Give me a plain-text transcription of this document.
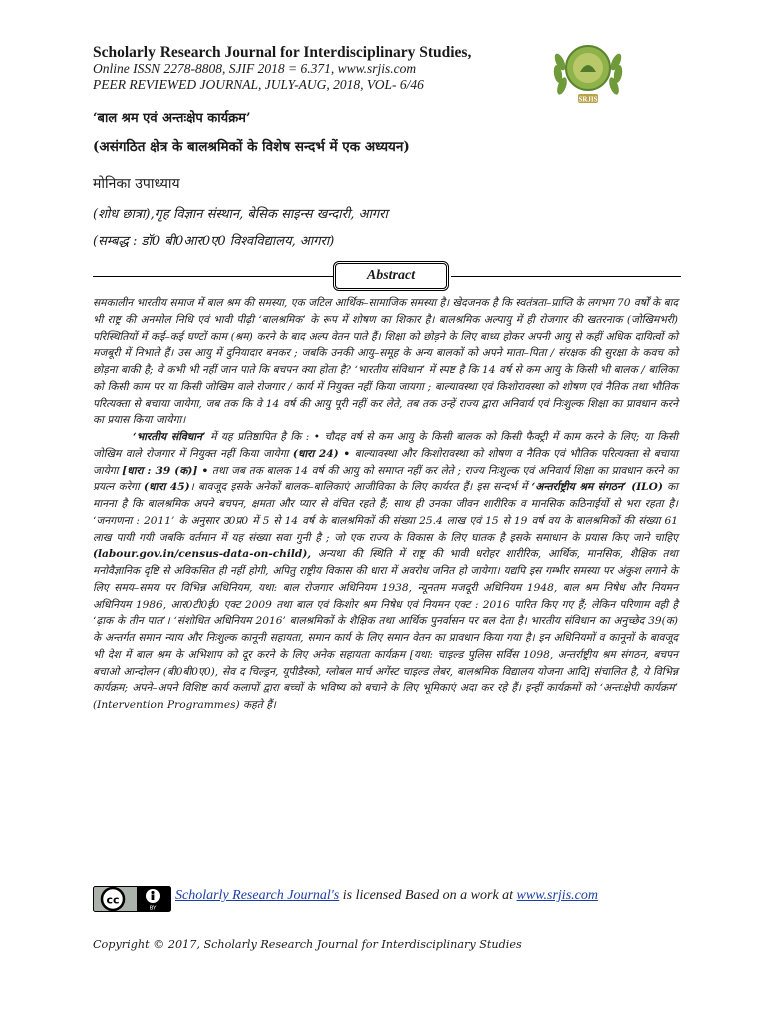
Scholarly Research Journal for Interdisciplinary Studies,
Online ISSN 2278-8808, SJIF 2018 = 6.371, www.srjis.com
PEER REVIEWED JOURNAL, JULY-AUG, 2018, VOL- 6/46
SRJIS
‘बाल श्रम एवं अन्तःक्षेप कार्यक्रम’
(असंगठित क्षेत्र के बालश्रमिकों के विशेष सन्दर्भ में एक अध्ययन)
मोनिका उपाध्याय
(शोध छात्रा),गृह विज्ञान संस्थान, बेसिक साइन्स खन्दारी, आगरा
(सम्बद्ध : डॉ0 बी0आर0ए0 विश्वविद्यालय, आगरा)
Abstract

समकालीन भारतीय समाज में बाल श्रम की समस्या, एक जटिल आर्थिक–सामाजिक समस्या है। खेदजनक है कि स्वतंत्रता–प्राप्ति के लगभग 70 वर्षों के बाद भी राष्ट्र की अनमोल निधि एवं भावी पीढ़ी ‘बालश्रमिक’ के रूप में शोषण का शिकार है। बालश्रमिक अल्पायु में ही रोजगार की खतरनाक (जोखिमभरी) परिस्थितियों में कई–कई घण्टों काम (श्रम) करने के बाद अल्प वेतन पाते हैं। शिक्षा को छोड़ने के लिए बाध्य होकर अपनी आयु से कहीं अधिक दायित्वों को मजबूरी में निभाते हैं। उस आयु में दुनियादार बनकर ; जबकि उनकी आयु–समूह के अन्य बालकों को अपने माता–पिता / संरक्षक की सुरक्षा के कवच को छोड़ना बाकी है; वे कभी भी नहीं जान पाते कि बचपन क्या होता है? ‘भारतीय संविधान’ में स्पष्ट है कि 14 वर्ष से कम आयु के किसी भी बालक / बालिका को किसी काम पर या किसी जोखिम वाले रोजगार / कार्य में नियुक्त नहीं किया जायगा ; बाल्यावस्था एवं किशोरावस्था को शोषण एवं नैतिक तथा भौतिक परित्यक्ता से बचाया जायेगा, जब तक कि वे 14 वर्ष की आयु पूरी नहीं कर लेते, तब तक उन्हें राज्य द्वारा अनिवार्य एवं निःशुल्क शिक्षा का प्रावधान करने का प्रयास किया जायेगा।

‘भारतीय संविधान’ में यह प्रतिष्ठापित है कि : • चौदह वर्ष से कम आयु के किसी बालक को किसी फैक्ट्री में काम करने के लिए; या किसी जोखिम वाले रोजगार में नियुक्त नहीं किया जायेगा (धारा 24) • बाल्यावस्था और किशोरावस्था को शोषण व नैतिक एवं भौतिक परित्यक्ता से बचाया जायेगा [धारा : 39 (क)] • तथा जब तक बालक 14 वर्ष की आयु को समाप्त नहीं कर लेते ; राज्य निःशुल्क एवं अनिवार्य शिक्षा का प्रावधान करने का प्रयत्न करेगा (धारा 45)। बावजूद इसके अनेकों बालक–बालिकाएं आजीविका के लिए कार्यरत हैं। इस सन्दर्भ में ‘अन्तर्राष्ट्रीय श्रम संगठन’ (ILO) का मानना है कि बालश्रमिक अपने बचपन, क्षमता और प्यार से वंचित रहते हैं; साथ ही उनका जीवन शारीरिक व मानसिक कठिनाईयों से भरा रहता है। ‘जनगणना : 2011’ के अनुसार उ0प्र0 में 5 से 14 वर्ष के बालश्रमिकों की संख्या 25.4 लाख एवं 15 से 19 वर्ष वय के बालश्रमिकों की संख्या 61 लाख पायी गयी जबकि वर्तमान में यह संख्या सवा गुनी है ; जो एक राज्य के विकास के लिए घातक है इसके समाधान के प्रयास किए जाने चाहिए (labour.gov.in/census-data-on-child), अन्यथा की स्थिति में राष्ट्र की भावी धरोहर शारीरिक, आर्थिक, मानसिक, शैक्षिक तथा मनोवैज्ञानिक दृष्टि से अविकसित ही नहीं होगी, अपितु राष्ट्रीय विकास की धारा में अवरोध जनित हो जायेगा। यद्यपि इस गम्भीर समस्या पर अंकुश लगाने के लिए समय–समय पर विभिन्न अधिनियम, यथा: बाल रोजगार अधिनियम 1938, न्यूनतम मजदूरी अधिनियम 1948, बाल श्रम निषेध और नियमन अधिनियम 1986, आर0टी0ई0 एक्ट 2009 तथा बाल एवं किशोर श्रम निषेध एवं नियमन एक्ट : 2016 पारित किए गए हैं; लेकिन परिणाम वही है ‘ढ़ाक के तीन पात’। ‘संशोधित अधिनियम 2016’ बालश्रमिकों के शैक्षिक तथा आर्थिक पुनर्वासन पर बल देता है। भारतीय संविधान का अनुच्छेद 39(क) के अन्तर्गत समान न्याय और निःशुल्क कानूनी सहायता, समान कार्य के लिए समान वेतन का प्रावधान किया गया है। इन अधिनियमों व कानूनों के बावजूद भी देश में बाल श्रम के अभिशाप को दूर करने के लिए अनेक सहायता कार्यक्रम [यथा: चाइल्ड पुलिस सर्विस 1098, अन्तर्राष्ट्रीय श्रम संगठन, बचपन बचाओ आन्दोलन (बी0बी0ए0), सेव द चिल्ड्रन, यूपीडैस्को, ग्लोबल मार्च अगेंस्ट चाइल्ड लेबर, बालश्रमिक विद्यालय योजना आदि] संचालित है, ये विभिन्न कार्यक्रम; अपने–अपने विशिष्ट कार्य कलापों द्वारा बच्चों के भविष्य को बचाने के लिए भूमिकाएं अदा कर रहे हैं। इन्हीं कार्यक्रमों को ‘अन्तःक्षेपी कार्यक्रम’ (Intervention Programmes) कहते हैं।

cc
BY
Scholarly Research Journal's is licensed Based on a work at www.srjis.com
Copyright © 2017, Scholarly Research Journal for Interdisciplinary Studies
